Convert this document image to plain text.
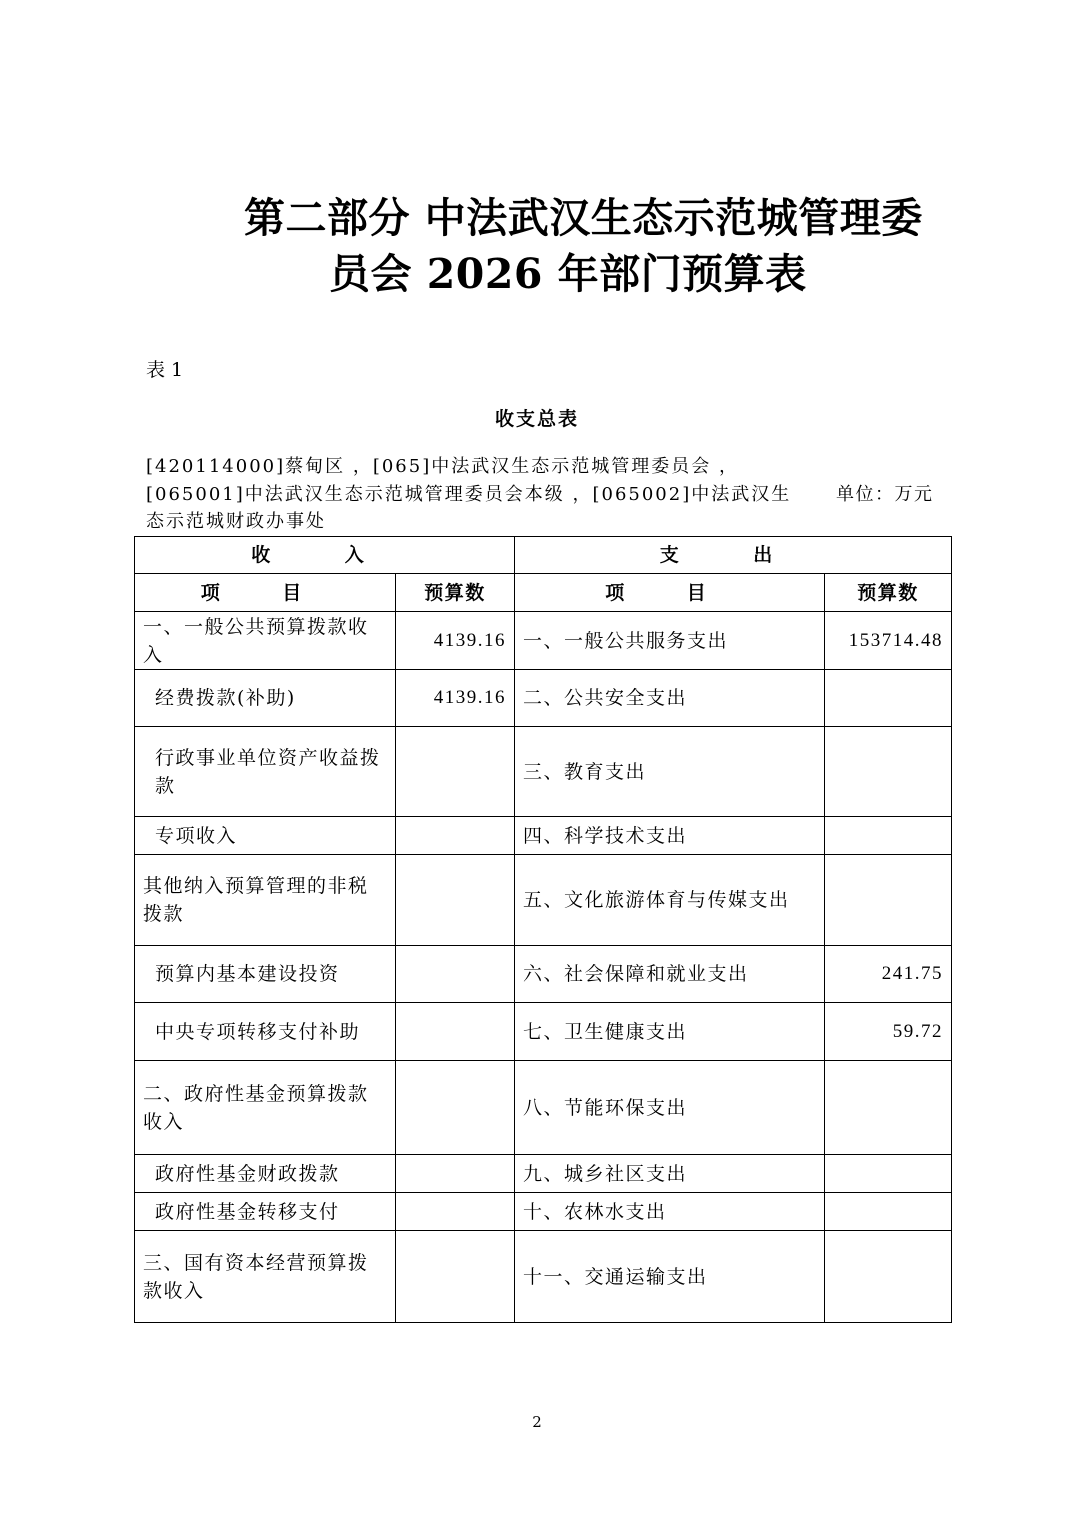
第二部分 中法武汉生态示范城管理委
员会 2026 年部门预算表
表 1
收支总表
[420114000]蔡甸区 ，[065]中法武汉生态示范城管理委员会 ，
[065001]中法武汉生态示范城管理委员会本级 ，[065002]中法武汉生
态示范城财政办事处
单位：万元
收 入		支 出	
项 目	预算数	项 目	预算数
一、一般公共预算拨款收入	4139.16	一、一般公共服务支出	153714.48
经费拨款(补助)	4139.16	二、公共安全支出	
行政事业单位资产收益拨款		三、教育支出	
专项收入		四、科学技术支出	
其他纳入预算管理的非税拨款		五、文化旅游体育与传媒支出	
预算内基本建设投资		六、社会保障和就业支出	241.75
中央专项转移支付补助		七、卫生健康支出	59.72
二、政府性基金预算拨款收入		八、节能环保支出	
政府性基金财政拨款		九、城乡社区支出	
政府性基金转移支付		十、农林水支出	
三、国有资本经营预算拨款收入		十一、交通运输支出	
2
